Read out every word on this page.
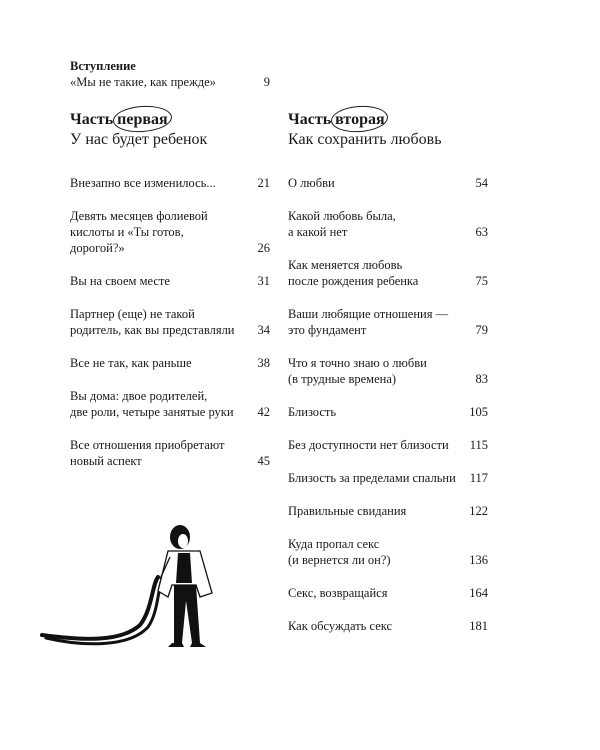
Вступление
«Мы не такие, как прежде»	9
Часть первая
У нас будет ребенок
Часть вторая
Как сохранить любовь
Внезапно все изменилось...	21
Девять месяцев фолиевой
кислоты и «Ты готов, дорогой?»	26
Вы на своем месте	31
Партнер (еще) не такой
родитель, как вы представляли	34
Все не так, как раньше	38
Вы дома: двое родителей,
две роли, четыре занятые руки	42
Все отношения приобретают
новый аспект	45
О любви	54
Какой любовь была,
а какой нет	63
Как меняется любовь
после рождения ребенка	75
Ваши любящие отношения —
это фундамент	79
Что я точно знаю о любви
(в трудные времена)	83
Близость	105
Без доступности нет близости	115
Близость за пределами спальни	117
Правильные свидания	122
Куда пропал секс
(и вернется ли он?)	136
Секс, возвращайся	164
Как обсуждать секс	181
